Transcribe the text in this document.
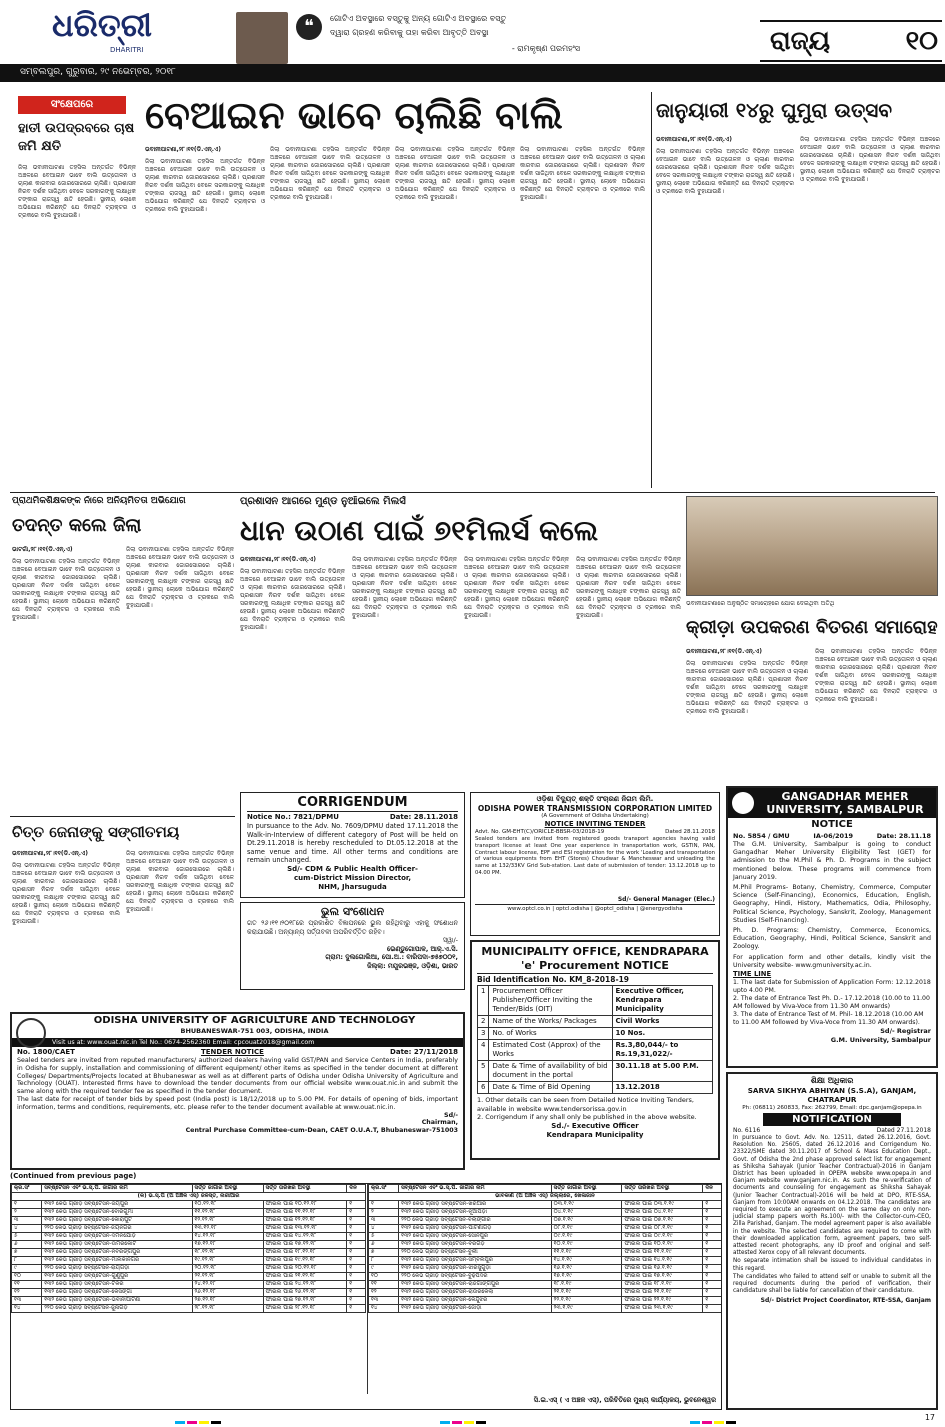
ଧରିତ୍ରୀ
DHARITRI
❝	ଗୋଟିଏ ଅବସ୍ଥାରେ ବସ୍ତୁକୁ ଅନ୍ୟ ଗୋଟିଏ ଅବସ୍ଥାରେ ବସ୍ତୁ
ଦ୍ୱାରା ଗ୍ରହଣ କରିବାକୁ ତାହା କରିବା ଆବୃତ୍ତି ଅବସ୍ଥା
- ରାମକୃଷ୍ଣ ପରମହଂସ	ରାଜ୍ୟ	୧୦
ସମ୍ବଲପୁର, ଗୁରୁବାର, ୨୯ ନଭେମ୍ବର, ୨୦୧୮
ସଂକ୍ଷେପରେ
ହାତୀ ଉପଦ୍ରବରେ ଚାଷ ଜମି କ୍ଷତି
ଜିଲା ଭବାନୀପାଟଣା ତହସିଲ ଅନ୍ତର୍ଗତ ବିଭିନ୍ନ ଅଞ୍ଚଳରେ ବେଆଇନ ଭାବେ ବାଲି ଉତ୍ତୋଳନ ଓ ଚାଲାଣ କାରବାର ଜୋରସୋରରେ ଚାଲିଛି। ପ୍ରଶାସନ ନିରବ ଦର୍ଶକ ସାଜିଥିବା ବେଳେ ସରକାରଙ୍କୁ ଲକ୍ଷାଧିକ ଟଙ୍କାର ରାଜସ୍ୱ କ୍ଷତି ହେଉଛି। ସ୍ଥାନୀୟ ଲୋକେ ଅଭିଯୋଗ କରିଛନ୍ତି ଯେ ଦିନରାତି ଟ୍ରାକ୍ଟର ଓ ଟ୍ରକରେ ବାଲି ବୁହାଯାଉଛି।
ବେଆଇନ ଭାବେ ଚାଲିଛି ବାଲି
ଭବାନୀପାଟଣା,୨୮।୧୧(ଡି.ଏନ୍.ଏ)
ଜିଲା ଭବାନୀପାଟଣା ତହସିଲ ଅନ୍ତର୍ଗତ ବିଭିନ୍ନ ଅଞ୍ଚଳରେ ବେଆଇନ ଭାବେ ବାଲି ଉତ୍ତୋଳନ ଓ ଚାଲାଣ କାରବାର ଜୋରସୋରରେ ଚାଲିଛି। ପ୍ରଶାସନ ନିରବ ଦର୍ଶକ ସାଜିଥିବା ବେଳେ ସରକାରଙ୍କୁ ଲକ୍ଷାଧିକ ଟଙ୍କାର ରାଜସ୍ୱ କ୍ଷତି ହେଉଛି। ସ୍ଥାନୀୟ ଲୋକେ ଅଭିଯୋଗ କରିଛନ୍ତି ଯେ ଦିନରାତି ଟ୍ରାକ୍ଟର ଓ ଟ୍ରକରେ ବାଲି ବୁହାଯାଉଛି।
ଜିଲା ଭବାନୀପାଟଣା ତହସିଲ ଅନ୍ତର୍ଗତ ବିଭିନ୍ନ ଅଞ୍ଚଳରେ ବେଆଇନ ଭାବେ ବାଲି ଉତ୍ତୋଳନ ଓ ଚାଲାଣ କାରବାର ଜୋରସୋରରେ ଚାଲିଛି। ପ୍ରଶାସନ ନିରବ ଦର୍ଶକ ସାଜିଥିବା ବେଳେ ସରକାରଙ୍କୁ ଲକ୍ଷାଧିକ ଟଙ୍କାର ରାଜସ୍ୱ କ୍ଷତି ହେଉଛି। ସ୍ଥାନୀୟ ଲୋକେ ଅଭିଯୋଗ କରିଛନ୍ତି ଯେ ଦିନରାତି ଟ୍ରାକ୍ଟର ଓ ଟ୍ରକରେ ବାଲି ବୁହାଯାଉଛି।
ଜିଲା ଭବାନୀପାଟଣା ତହସିଲ ଅନ୍ତର୍ଗତ ବିଭିନ୍ନ ଅଞ୍ଚଳରେ ବେଆଇନ ଭାବେ ବାଲି ଉତ୍ତୋଳନ ଓ ଚାଲାଣ କାରବାର ଜୋରସୋରରେ ଚାଲିଛି। ପ୍ରଶାସନ ନିରବ ଦର୍ଶକ ସାଜିଥିବା ବେଳେ ସରକାରଙ୍କୁ ଲକ୍ଷାଧିକ ଟଙ୍କାର ରାଜସ୍ୱ କ୍ଷତି ହେଉଛି। ସ୍ଥାନୀୟ ଲୋକେ ଅଭିଯୋଗ କରିଛନ୍ତି ଯେ ଦିନରାତି ଟ୍ରାକ୍ଟର ଓ ଟ୍ରକରେ ବାଲି ବୁହାଯାଉଛି।
ଜିଲା ଭବାନୀପାଟଣା ତହସିଲ ଅନ୍ତର୍ଗତ ବିଭିନ୍ନ ଅଞ୍ଚଳରେ ବେଆଇନ ଭାବେ ବାଲି ଉତ୍ତୋଳନ ଓ ଚାଲାଣ କାରବାର ଜୋରସୋରରେ ଚାଲିଛି। ପ୍ରଶାସନ ନିରବ ଦର୍ଶକ ସାଜିଥିବା ବେଳେ ସରକାରଙ୍କୁ ଲକ୍ଷାଧିକ ଟଙ୍କାର ରାଜସ୍ୱ କ୍ଷତି ହେଉଛି। ସ୍ଥାନୀୟ ଲୋକେ ଅଭିଯୋଗ କରିଛନ୍ତି ଯେ ଦିନରାତି ଟ୍ରାକ୍ଟର ଓ ଟ୍ରକରେ ବାଲି ବୁହାଯାଉଛି।
ଜାନୁୟାରୀ ୧୪ରୁ ଘୁମୁରା ଉତ୍ସବ
ଭବାନୀପାଟଣା,୨୮।୧୧(ଡି.ଏନ୍.ଏ)
ଜିଲା ଭବାନୀପାଟଣା ତହସିଲ ଅନ୍ତର୍ଗତ ବିଭିନ୍ନ ଅଞ୍ଚଳରେ ବେଆଇନ ଭାବେ ବାଲି ଉତ୍ତୋଳନ ଓ ଚାଲାଣ କାରବାର ଜୋରସୋରରେ ଚାଲିଛି। ପ୍ରଶାସନ ନିରବ ଦର୍ଶକ ସାଜିଥିବା ବେଳେ ସରକାରଙ୍କୁ ଲକ୍ଷାଧିକ ଟଙ୍କାର ରାଜସ୍ୱ କ୍ଷତି ହେଉଛି। ସ୍ଥାନୀୟ ଲୋକେ ଅଭିଯୋଗ କରିଛନ୍ତି ଯେ ଦିନରାତି ଟ୍ରାକ୍ଟର ଓ ଟ୍ରକରେ ବାଲି ବୁହାଯାଉଛି।
ଜିଲା ଭବାନୀପାଟଣା ତହସିଲ ଅନ୍ତର୍ଗତ ବିଭିନ୍ନ ଅଞ୍ଚଳରେ ବେଆଇନ ଭାବେ ବାଲି ଉତ୍ତୋଳନ ଓ ଚାଲାଣ କାରବାର ଜୋରସୋରରେ ଚାଲିଛି। ପ୍ରଶାସନ ନିରବ ଦର୍ଶକ ସାଜିଥିବା ବେଳେ ସରକାରଙ୍କୁ ଲକ୍ଷାଧିକ ଟଙ୍କାର ରାଜସ୍ୱ କ୍ଷତି ହେଉଛି। ସ୍ଥାନୀୟ ଲୋକେ ଅଭିଯୋଗ କରିଛନ୍ତି ଯେ ଦିନରାତି ଟ୍ରାକ୍ଟର ଓ ଟ୍ରକରେ ବାଲି ବୁହାଯାଉଛି।
ପ୍ରାଥମିକଶିକ୍ଷକଙ୍କ ନାଁରେ ଅନିୟମିତତା ଅଭିଯୋଗ
ତଦନ୍ତ କଲେ ଜିଲା
ଭାଟଗାଁ,୨୮।୧୧(ଡି.ଏନ୍.ଏ)
ଜିଲା ଭବାନୀପାଟଣା ତହସିଲ ଅନ୍ତର୍ଗତ ବିଭିନ୍ନ ଅଞ୍ଚଳରେ ବେଆଇନ ଭାବେ ବାଲି ଉତ୍ତୋଳନ ଓ ଚାଲାଣ କାରବାର ଜୋରସୋରରେ ଚାଲିଛି। ପ୍ରଶାସନ ନିରବ ଦର୍ଶକ ସାଜିଥିବା ବେଳେ ସରକାରଙ୍କୁ ଲକ୍ଷାଧିକ ଟଙ୍କାର ରାଜସ୍ୱ କ୍ଷତି ହେଉଛି। ସ୍ଥାନୀୟ ଲୋକେ ଅଭିଯୋଗ କରିଛନ୍ତି ଯେ ଦିନରାତି ଟ୍ରାକ୍ଟର ଓ ଟ୍ରକରେ ବାଲି ବୁହାଯାଉଛି।
ଜିଲା ଭବାନୀପାଟଣା ତହସିଲ ଅନ୍ତର୍ଗତ ବିଭିନ୍ନ ଅଞ୍ଚଳରେ ବେଆଇନ ଭାବେ ବାଲି ଉତ୍ତୋଳନ ଓ ଚାଲାଣ କାରବାର ଜୋରସୋରରେ ଚାଲିଛି। ପ୍ରଶାସନ ନିରବ ଦର୍ଶକ ସାଜିଥିବା ବେଳେ ସରକାରଙ୍କୁ ଲକ୍ଷାଧିକ ଟଙ୍କାର ରାଜସ୍ୱ କ୍ଷତି ହେଉଛି। ସ୍ଥାନୀୟ ଲୋକେ ଅଭିଯୋଗ କରିଛନ୍ତି ଯେ ଦିନରାତି ଟ୍ରାକ୍ଟର ଓ ଟ୍ରକରେ ବାଲି ବୁହାଯାଉଛି।
ପ୍ରଶାସନ ଆଗରେ ମୁଣ୍ଡ ନୁଆଁଇଲେ ମିଲର୍ସ
ଧାନ ଉଠାଣ ପାଇଁ ୭୧ମିଲର୍ସ କଲେ
ଭବାନୀପାଟଣା,୨୮।୧୧(ଡି.ଏନ୍.ଏ)
ଜିଲା ଭବାନୀପାଟଣା ତହସିଲ ଅନ୍ତର୍ଗତ ବିଭିନ୍ନ ଅଞ୍ଚଳରେ ବେଆଇନ ଭାବେ ବାଲି ଉତ୍ତୋଳନ ଓ ଚାଲାଣ କାରବାର ଜୋରସୋରରେ ଚାଲିଛି। ପ୍ରଶାସନ ନିରବ ଦର୍ଶକ ସାଜିଥିବା ବେଳେ ସରକାରଙ୍କୁ ଲକ୍ଷାଧିକ ଟଙ୍କାର ରାଜସ୍ୱ କ୍ଷତି ହେଉଛି। ସ୍ଥାନୀୟ ଲୋକେ ଅଭିଯୋଗ କରିଛନ୍ତି ଯେ ଦିନରାତି ଟ୍ରାକ୍ଟର ଓ ଟ୍ରକରେ ବାଲି ବୁହାଯାଉଛି।
ଜିଲା ଭବାନୀପାଟଣା ତହସିଲ ଅନ୍ତର୍ଗତ ବିଭିନ୍ନ ଅଞ୍ଚଳରେ ବେଆଇନ ଭାବେ ବାଲି ଉତ୍ତୋଳନ ଓ ଚାଲାଣ କାରବାର ଜୋରସୋରରେ ଚାଲିଛି। ପ୍ରଶାସନ ନିରବ ଦର୍ଶକ ସାଜିଥିବା ବେଳେ ସରକାରଙ୍କୁ ଲକ୍ଷାଧିକ ଟଙ୍କାର ରାଜସ୍ୱ କ୍ଷତି ହେଉଛି। ସ୍ଥାନୀୟ ଲୋକେ ଅଭିଯୋଗ କରିଛନ୍ତି ଯେ ଦିନରାତି ଟ୍ରାକ୍ଟର ଓ ଟ୍ରକରେ ବାଲି ବୁହାଯାଉଛି।
ଜିଲା ଭବାନୀପାଟଣା ତହସିଲ ଅନ୍ତର୍ଗତ ବିଭିନ୍ନ ଅଞ୍ଚଳରେ ବେଆଇନ ଭାବେ ବାଲି ଉତ୍ତୋଳନ ଓ ଚାଲାଣ କାରବାର ଜୋରସୋରରେ ଚାଲିଛି। ପ୍ରଶାସନ ନିରବ ଦର୍ଶକ ସାଜିଥିବା ବେଳେ ସରକାରଙ୍କୁ ଲକ୍ଷାଧିକ ଟଙ୍କାର ରାଜସ୍ୱ କ୍ଷତି ହେଉଛି। ସ୍ଥାନୀୟ ଲୋକେ ଅଭିଯୋଗ କରିଛନ୍ତି ଯେ ଦିନରାତି ଟ୍ରାକ୍ଟର ଓ ଟ୍ରକରେ ବାଲି ବୁହାଯାଉଛି।
ଜିଲା ଭବାନୀପାଟଣା ତହସିଲ ଅନ୍ତର୍ଗତ ବିଭିନ୍ନ ଅଞ୍ଚଳରେ ବେଆଇନ ଭାବେ ବାଲି ଉତ୍ତୋଳନ ଓ ଚାଲାଣ କାରବାର ଜୋରସୋରରେ ଚାଲିଛି। ପ୍ରଶାସନ ନିରବ ଦର୍ଶକ ସାଜିଥିବା ବେଳେ ସରକାରଙ୍କୁ ଲକ୍ଷାଧିକ ଟଙ୍କାର ରାଜସ୍ୱ କ୍ଷତି ହେଉଛି। ସ୍ଥାନୀୟ ଲୋକେ ଅଭିଯୋଗ କରିଛନ୍ତି ଯେ ଦିନରାତି ଟ୍ରାକ୍ଟର ଓ ଟ୍ରକରେ ବାଲି ବୁହାଯାଉଛି।
ଭବାନୀପାଟଣାରେ ଅନୁଷ୍ଠିତ ସମାରୋହରେ ଯୋଗ ଦେଇଥିବା ଅତିଥି
କ୍ରୀଡ଼ା ଉପକରଣ ବିତରଣ ସମାରୋହ
ଭବାନୀପାଟଣା,୨୮।୧୧(ଡି.ଏନ୍.ଏ)
ଜିଲା ଭବାନୀପାଟଣା ତହସିଲ ଅନ୍ତର୍ଗତ ବିଭିନ୍ନ ଅଞ୍ଚଳରେ ବେଆଇନ ଭାବେ ବାଲି ଉତ୍ତୋଳନ ଓ ଚାଲାଣ କାରବାର ଜୋରସୋରରେ ଚାଲିଛି। ପ୍ରଶାସନ ନିରବ ଦର୍ଶକ ସାଜିଥିବା ବେଳେ ସରକାରଙ୍କୁ ଲକ୍ଷାଧିକ ଟଙ୍କାର ରାଜସ୍ୱ କ୍ଷତି ହେଉଛି। ସ୍ଥାନୀୟ ଲୋକେ ଅଭିଯୋଗ କରିଛନ୍ତି ଯେ ଦିନରାତି ଟ୍ରାକ୍ଟର ଓ ଟ୍ରକରେ ବାଲି ବୁହାଯାଉଛି।
ଜିଲା ଭବାନୀପାଟଣା ତହସିଲ ଅନ୍ତର୍ଗତ ବିଭିନ୍ନ ଅଞ୍ଚଳରେ ବେଆଇନ ଭାବେ ବାଲି ଉତ୍ତୋଳନ ଓ ଚାଲାଣ କାରବାର ଜୋରସୋରରେ ଚାଲିଛି। ପ୍ରଶାସନ ନିରବ ଦର୍ଶକ ସାଜିଥିବା ବେଳେ ସରକାରଙ୍କୁ ଲକ୍ଷାଧିକ ଟଙ୍କାର ରାଜସ୍ୱ କ୍ଷତି ହେଉଛି। ସ୍ଥାନୀୟ ଲୋକେ ଅଭିଯୋଗ କରିଛନ୍ତି ଯେ ଦିନରାତି ଟ୍ରାକ୍ଟର ଓ ଟ୍ରକରେ ବାଲି ବୁହାଯାଉଛି।
ଚିତ୍ତ ଜେନାଙ୍କୁ ସଙ୍ଗୀତମୟ
ଭବାନୀପାଟଣା,୨୮।୧୧(ଡି.ଏନ୍.ଏ)
ଜିଲା ଭବାନୀପାଟଣା ତହସିଲ ଅନ୍ତର୍ଗତ ବିଭିନ୍ନ ଅଞ୍ଚଳରେ ବେଆଇନ ଭାବେ ବାଲି ଉତ୍ତୋଳନ ଓ ଚାଲାଣ କାରବାର ଜୋରସୋରରେ ଚାଲିଛି। ପ୍ରଶାସନ ନିରବ ଦର୍ଶକ ସାଜିଥିବା ବେଳେ ସରକାରଙ୍କୁ ଲକ୍ଷାଧିକ ଟଙ୍କାର ରାଜସ୍ୱ କ୍ଷତି ହେଉଛି। ସ୍ଥାନୀୟ ଲୋକେ ଅଭିଯୋଗ କରିଛନ୍ତି ଯେ ଦିନରାତି ଟ୍ରାକ୍ଟର ଓ ଟ୍ରକରେ ବାଲି ବୁହାଯାଉଛି।
ଜିଲା ଭବାନୀପାଟଣା ତହସିଲ ଅନ୍ତର୍ଗତ ବିଭିନ୍ନ ଅଞ୍ଚଳରେ ବେଆଇନ ଭାବେ ବାଲି ଉତ୍ତୋଳନ ଓ ଚାଲାଣ କାରବାର ଜୋରସୋରରେ ଚାଲିଛି। ପ୍ରଶାସନ ନିରବ ଦର୍ଶକ ସାଜିଥିବା ବେଳେ ସରକାରଙ୍କୁ ଲକ୍ଷାଧିକ ଟଙ୍କାର ରାଜସ୍ୱ କ୍ଷତି ହେଉଛି। ସ୍ଥାନୀୟ ଲୋକେ ଅଭିଯୋଗ କରିଛନ୍ତି ଯେ ଦିନରାତି ଟ୍ରାକ୍ଟର ଓ ଟ୍ରକରେ ବାଲି ବୁହାଯାଉଛି।
CORRIGENDUM
Notice No.: 7821/DPMU	Date: 28.11.2018
In pursuance to the Adv. No. 7609/DPMU dated 17.11.2018 the Walk-in-Interview of different category of Post will be held on Dt.29.11.2018 is hereby rescheduled to Dt.05.12.2018 at the same venue and time. All other terms and conditions are remain unchanged.
Sd/- CDM & Public Health Officer-
cum-District Mission Director,
NHM, Jharsuguda
ଭୁଲ ସଂଶୋଧନ
ଗତ ୨୬।୧୧।୨୦୧୮ରେ ପ୍ରକାଶିତ ବିଜ୍ଞାପନରେ ଭୁଲ ରହିଥିବାରୁ ଏହାକୁ ସଂଶୋଧନ କରାଯାଉଛି। ଅନ୍ୟାନ୍ୟ ସର୍ତ୍ତାବଳୀ ଅପରିବର୍ତ୍ତିତ ରହିବ।
ସ୍ୱା/-
ଭେଣ୍ଡୁଗୋପାଳ, ଆର୍.ଏ.ସି.
ଗ୍ରାମ: ଦୁଲଗୋଲିଆ, ପୋ.ଅ.: ବାରିପଦା-୭୫୭୦୦୧,
ଜିଲ୍ଲା: ମୟୂରଭଞ୍ଜ, ଓଡ଼ିଶା, ଭାରତ
ଓଡ଼ିଶା ବିଦ୍ୟୁତ୍ ଶକ୍ତି ସଂଚାରଣ ନିଗମ ଲିମି.
ODISHA POWER TRANSMISSION CORPORATION LIMITED
(A Government of Odisha Undertaking)
NOTICE INVITING TENDER
Advt. No. GM-EHT(C)/ORICLE-BBSR-03/2018-19	Dated 28.11.2018
Sealed tenders are invited from registered goods transport agencies having valid transport license at least One year experience in transportation work, GSTIN, PAN, Contract labour license, EPF and ESI registration for the work 'Loading and transportation of various equipments from EHT (Stores) Choudwar & Mancheswar and unloading the same at 132/33KV Grid Sub-station. Last date of submission of tender: 13.12.2018 up to 04.00 PM.
Sd/- General Manager (Elec.)
www.optcl.co.in | optcl.odisha | @optcl_odisha | @energyodisha
MUNICIPALITY OFFICE, KENDRAPARA
'e' Procurement NOTICE
Bid Identification No. KM_8-2018-19
1	Procurement Officer Publisher/Officer Inviting the Tender/Bids (OIT)	Executive Officer, Kendrapara Municipality
2	Name of the Works/ Packages	Civil Works
3	No. of Works	10 Nos.
4	Estimated Cost (Approx) of the Works	Rs.3,80,044/- to Rs.19,31,022/-
5	Date & Time of availability of bid document in the portal	30.11.18 at 5.00 P.M.
6	Date & Time of Bid Opening	13.12.2018
1. Other details can be seen from Detailed Notice Inviting Tenders, available in website www.tendersorissa.gov.in
2. Corrigendum if any shall only be published in the above website.
Sd./- Executive Officer
Kendrapara Municipality
GANGADHAR MEHER
UNIVERSITY, SAMBALPUR
NOTICE
No. 5854 / GMU	IA-06/2019	Date: 28.11.18
The G.M. University, Sambalpur is going to conduct Gangadhar Meher University Eligibility Test (GET) for admission to the M.Phil & Ph. D. Programs in the subject mentioned below. These programs will commence from January 2019.
M.Phil Programs- Botany, Chemistry, Commerce, Computer Science (Self-Financing), Economics, Education, English, Geography, Hindi, History, Mathematics, Odia, Philosophy, Political Science, Psychology, Sanskrit, Zoology, Management Studies (Self-Financing).
Ph. D. Programs: Chemistry, Commerce, Economics, Education, Geography, Hindi, Political Science, Sanskrit and Zoology.
For application form and other details, kindly visit the University website- www.gmuniversity.ac.in.
TIME LINE
1. The last date for Submission of Application Form: 12.12.2018 upto 4.00 PM.
2. The date of Entrance Test Ph. D.- 17.12.2018 (10.00 to 11.00 AM followed by Viva-Voce from 11.30 AM onwards)
3. The date of Entrance Test of M. Phil- 18.12.2018 (10.00 AM to 11.00 AM followed by Viva-Voce from 11.30 AM onwards).
Sd/- Registrar
G.M. University, Sambalpur
ODISHA UNIVERSITY OF AGRICULTURE AND TECHNOLOGY
BHUBANESWAR-751 003, ODISHA, INDIA
Visit us at: www.ouat.nic.in Tel No.: 0674-2562360 Email: cpcouat2018@gmail.com
No. 1800/CAET	TENDER NOTICE	Date: 27/11/2018
Sealed tenders are invited from reputed manufacturers/ authorized dealers having valid GST/PAN and Service Centers in India, preferably in Odisha for supply, installation and commissioning of different equipment/ other items as specified in the tender document at different Colleges/ Departments/Projects located at Bhubaneswar as well as at different parts of Odisha under Odisha University of Agriculture and Technology (OUAT). Interested firms have to download the tender documents from our official website www.ouat.nic.in and submit the same along with the required tender fee as specified in the tender document.
The last date for receipt of tender bids by speed post (India post) is 18/12/2018 up to 5.00 PM. For details of opening of bids, important information, terms and conditions, requirements, etc. please refer to the tender document available at www.ouat.nic.in.
Sd/-
Chairman,
Central Purchase Committee-cum-Dean, CAET O.U.A.T, Bhubaneswar-751003
ଶିକ୍ଷା ଅଧିକାର
SARVA SIKHYA ABHIYAN (S.S.A), GANJAM, CHATRAPUR
Ph: (06811) 260833, Fax: 262799, Email: dpc.ganjam@opepa.in
NOTIFICATION
No. 6116	Dated 27.11.2018
In pursuance to Govt. Adv. No. 12511, dated 26.12.2016, Govt. Resolution No. 25605, dated 26.12.2016 and Corrigendum No. 23322/SME dated 30.11.2017 of School & Mass Education Dept., Govt. of Odisha the 2nd phase approved select list for engagement as Shiksha Sahayak (Junior Teacher Contractual)-2016 in Ganjam District has been uploaded in OPEPA website www.opepa.in and Ganjam website www.ganjam.nic.in. As such the re-verification of documents and counseling for engagement as Shiksha Sahayak (Junior Teacher Contractual)-2016 will be held at DPO, RTE-SSA, Ganjam from 10:00AM onwards on 04.12.2018. The candidates are required to execute an agreement on the same day on only non-judicial stamp papers worth Rs.100/- with the Collector-cum-CEO, Zilla Parishad, Ganjam. The model agreement paper is also available in the website. The selected candidates are required to come with their downloaded application form, agreement papers, two self-attested recent photographs, any ID proof and original and self-attested Xerox copy of all relevant documents.
No separate intimation shall be issued to individual candidates in this regard.
The candidates who failed to attend self or unable to submit all the required documents during the period of verification, their candidature shall be liable for cancellation of their candidature.
Sd/- District Project Coordinator, RTE-SSA, Ganjam
(Continued from previous page)
କ୍ର.ସଂ	ସବ୍‌ଷ୍ଟେସନ ଏବଂ ଭ.ସ୍.ପି. ଜାଗାର ନାମ	ସର୍ତ୍ତ ଜାଗାର ଅବସ୍ଥା	ସର୍ତ୍ତ ତାରିଖର ଅବସ୍ଥା	ଦିନ
(କ) ଭ.ସ୍.ପି (ଅ ଅଞ୍ଚଳ ଏସ୍) ଜଳସ୍ତ, ନାରୀଆର				
୧	୧୩୨ କେଭି ଗ୍ରୀଡ଼ ସବ୍‌ଷ୍ଟେସନ-ଜୟପୁର	୧୦.୧୨.୧୮	ଫାଇଲ ପାଇଁ ୧୦.୧୨.୧୮	୧
୨	୧୩୨ କେଭି ଗ୍ରୀଡ଼ ସବ୍‌ଷ୍ଟେସନ-ବୋରିଗୁମା	୧୧.୧୨.୧୮	ଫାଇଲ ପାଇଁ ୧୧.୧୨.୧୮	୧
୩	୧୩୨ କେଭି ଗ୍ରୀଡ଼ ସବ୍‌ଷ୍ଟେସନ-କୋରାପୁଟ	୧୨.୧୨.୧୮	ଫାଇଲ ପାଇଁ ୧୨.୧୨.୧୮	୧
୪	୨୨୦ କେଭି ଗ୍ରୀଡ଼ ସବ୍‌ଷ୍ଟେସନ-ଜୟନଗର	୧୩.୧୨.୧୮	ଫାଇଲ ପାଇଁ ୧୩.୧୨.୧୮	୧
୫	୧୩୨ କେଭି ଗ୍ରୀଡ଼ ସବ୍‌ଷ୍ଟେସନ-ଦମନଯୋଡ଼ି	୧୪.୧୨.୧୮	ଫାଇଲ ପାଇଁ ୧୪.୧୨.୧୮	୧
୬	୧୩୨ କେଭି ଗ୍ରୀଡ଼ ସବ୍‌ଷ୍ଟେସନ-ଉମରକୋଟ	୧୭.୧୨.୧୮	ଫାଇଲ ପାଇଁ ୧୭.୧୨.୧୮	୧
୭	୧୩୨ କେଭି ଗ୍ରୀଡ଼ ସବ୍‌ଷ୍ଟେସନ-ନବରଙ୍ଗପୁର	୧୮.୧୨.୧୮	ଫାଇଲ ପାଇଁ ୧୮.୧୨.୧୮	୧
୮	୧୩୨ କେଭି ଗ୍ରୀଡ଼ ସବ୍‌ଷ୍ଟେସନ-ମାଲକାନଗିରି	୧୯.୧୨.୧୮	ଫାଇଲ ପାଇଁ ୧୯.୧୨.୧୮	୧
୯	୨୨୦ କେଭି ଗ୍ରୀଡ଼ ସବ୍‌ଷ୍ଟେସନ-ରାୟଗଡ଼ା	୨୦.୧୨.୧୮	ଫାଇଲ ପାଇଁ ୨୦.୧୨.୧୮	୧
୧୦	୧୩୨ କେଭି ଗ୍ରୀଡ଼ ସବ୍‌ଷ୍ଟେସନ-ଗୁଣୁପୁର	୨୧.୧୨.୧୮	ଫାଇଲ ପାଇଁ ୨୧.୧୨.୧୮	୧
୧୧	୧୩୨ କେଭି ଗ୍ରୀଡ଼ ସବ୍‌ଷ୍ଟେସନ-ଟିକିରି	୨୪.୧୨.୧୮	ଫାଇଲ ପାଇଁ ୨୪.୧୨.୧୮	୧
୧୨	୧୩୨ କେଭି ଗ୍ରୀଡ଼ ସବ୍‌ଷ୍ଟେସନ-କେସିଙ୍ଗା	୨୬.୧୨.୧୮	ଫାଇଲ ପାଇଁ ୨୬.୧୨.୧୮	୧
୧୩	୧୩୨ କେଭି ଗ୍ରୀଡ଼ ସବ୍‌ଷ୍ଟେସନ-ଭବାନୀପାଟଣା	୨୭.୧୨.୧୮	ଫାଇଲ ପାଇଁ ୨୭.୧୨.୧୮	୧
୧୪	୨୨୦ କେଭି ଗ୍ରୀଡ଼ ସବ୍‌ଷ୍ଟେସନ-ଜୁନାଗଡ଼	୨୮.୧୨.୧୮	ଫାଇଲ ପାଇଁ ୨୮.୧୨.୧୮	୧
କ୍ର.ସଂ	ସବ୍‌ଷ୍ଟେସନ ଏବଂ ଭ.ସ୍.ପି. ଜାଗାର ନାମ	ସର୍ତ୍ତ ଜାଗାର ଅବସ୍ଥା	ସର୍ତ୍ତ ତାରିଖର ଅବସ୍ଥା	ଦିନ
ଭାବକାଣି (ଅ ଅଞ୍ଚଳ ଏସ୍) ଜିଲ୍ଲାରେ, ଖେଳାଜାନ				
୧	୧୩୨ କେଭି ଗ୍ରୀଡ଼ ସବ୍‌ଷ୍ଟେସନ-ଖରିଆର	୦୩.୧.୧୯	ଫାଇଲ ପାଇଁ ୦୩.୧.୧୯	୧
୨	୧୩୨ କେଭି ଗ୍ରୀଡ଼ ସବ୍‌ଷ୍ଟେସନ-ନୂଆପଡ଼ା	୦୪.୧.୧୯	ଫାଇଲ ପାଇଁ ୦୪.୧.୧୯	୧
୩	୨୨୦ କେଭି ଗ୍ରୀଡ଼ ସବ୍‌ଷ୍ଟେସନ-ବଲାଙ୍ଗୀର	୦୭.୧.୧୯	ଫାଇଲ ପାଇଁ ୦୭.୧.୧୯	୧
୪	୧୩୨ କେଭି ଗ୍ରୀଡ଼ ସବ୍‌ଷ୍ଟେସନ-ପାଟଣାଗଡ଼	୦୮.୧.୧୯	ଫାଇଲ ପାଇଁ ୦୮.୧.୧୯	୧
୫	୧୩୨ କେଭି ଗ୍ରୀଡ଼ ସବ୍‌ଷ୍ଟେସନ-ସୋନପୁର	୦୯.୧.୧୯	ଫାଇଲ ପାଇଁ ୦୯.୧.୧୯	୧
୬	୧୩୨ କେଭି ଗ୍ରୀଡ଼ ସବ୍‌ଷ୍ଟେସନ-ବରଗଡ଼	୧୦.୧.୧୯	ଫାଇଲ ପାଇଁ ୧୦.୧.୧୯	୧
୭	୨୨୦ କେଭି ଗ୍ରୀଡ଼ ସବ୍‌ଷ୍ଟେସନ-ବୁର୍ଲା	୧୧.୧.୧୯	ଫାଇଲ ପାଇଁ ୧୧.୧.୧୯	୧
୮	୧୩୨ କେଭି ଗ୍ରୀଡ଼ ସବ୍‌ଷ୍ଟେସନ-ସମ୍ବଲପୁର	୧୪.୧.୧୯	ଫାଇଲ ପାଇଁ ୧୪.୧.୧୯	୧
୯	୧୩୨ କେଭି ଗ୍ରୀଡ଼ ସବ୍‌ଷ୍ଟେସନ-ଝାରସୁଗୁଡ଼ା	୧୬.୧.୧୯	ଫାଇଲ ପାଇଁ ୧୬.୧.୧୯	୧
୧୦	୨୨୦ କେଭି ଗ୍ରୀଡ଼ ସବ୍‌ଷ୍ଟେସନ-ବୁଢ଼ିପଦର	୧୭.୧.୧୯	ଫାଇଲ ପାଇଁ ୧୭.୧.୧୯	୧
୧୧	୧୩୨ କେଭି ଗ୍ରୀଡ଼ ସବ୍‌ଷ୍ଟେସନ-ରାଜଗାଙ୍ଗପୁର	୧୮.୧.୧୯	ଫାଇଲ ପାଇଁ ୧୮.୧.୧୯	୧
୧୨	୧୩୨ କେଭି ଗ୍ରୀଡ଼ ସବ୍‌ଷ୍ଟେସନ-ରାଉରକେଲା	୨୧.୧.୧୯	ଫାଇଲ ପାଇଁ ୨୧.୧.୧୯	୧
୧୩	୧୩୨ କେଭି ଗ୍ରୀଡ଼ ସବ୍‌ଷ୍ଟେସନ-କେନ୍ଦୁଝର	୨୨.୧.୧୯	ଫାଇଲ ପାଇଁ ୨୨.୧.୧୯	୧
୧୪	୧୩୨ କେଭି ଗ୍ରୀଡ଼ ସବ୍‌ଷ୍ଟେସନ-ଜୋଡ଼ା	୨୩.୧.୧୯	ଫାଇଲ ପାଇଁ ୨୩.୧.୧୯	୧
ସି.ଇ.ଏସ୍ ( ଏ ଅଞ୍ଚଳ ଏସ୍), ପରିଚିତିରେ ମୁଖ୍ୟ କାର୍ଯ୍ୟାଳୟ, ଭୁବନେଶ୍ୱର
17
